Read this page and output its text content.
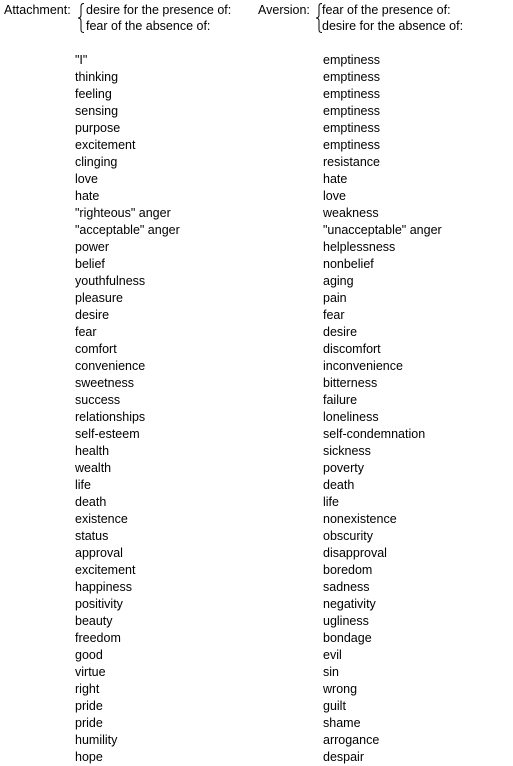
Attachment: desire for the presence of:
fear of the absence of:
Aversion: fear of the presence of:
desire for the absence of:
"I"
thinking
feeling
sensing
purpose
excitement
clinging
love
hate
"righteous" anger
"acceptable" anger
power
belief
youthfulness
pleasure
desire
fear
comfort
convenience
sweetness
success
relationships
self-esteem
health
wealth
life
death
existence
status
approval
excitement
happiness
positivity
beauty
freedom
good
virtue
right
pride
pride
humility
hope
emptiness
emptiness
emptiness
emptiness
emptiness
emptiness
resistance
hate
love
weakness
"unacceptable" anger
helplessness
nonbelief
aging
pain
fear
desire
discomfort
inconvenience
bitterness
failure
loneliness
self-condemnation
sickness
poverty
death
life
nonexistence
obscurity
disapproval
boredom
sadness
negativity
ugliness
bondage
evil
sin
wrong
guilt
shame
arrogance
despair
